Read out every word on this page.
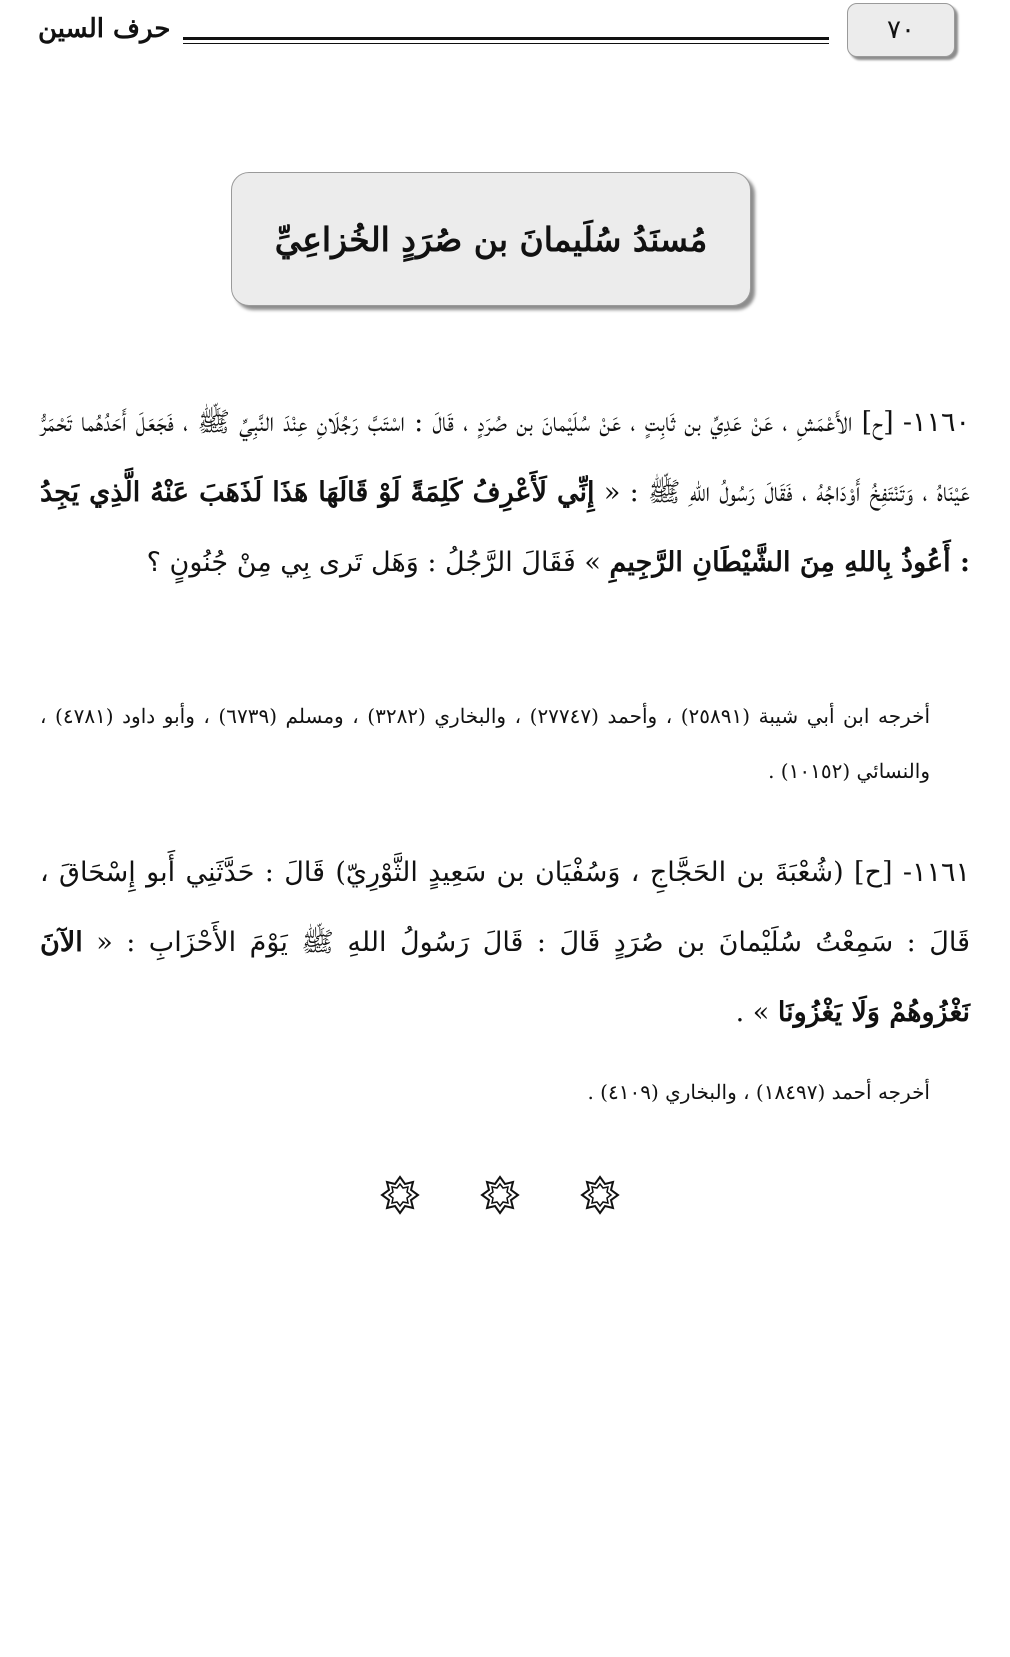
٧٠
حرف السين
مُسنَدُ سُلَيمانَ بن صُرَدٍ الخُزاعِيِّ
١١٦٠- [ح] الأَعْمَشِ ، عَنْ عَدِيِّ بن ثَابِتٍ ، عَنْ سُلَيْمانَ بن صُرَدٍ ، قَالَ : اسْتَبَّ رَجُلَانِ عِنْدَ النَّبِيِّ ﷺ ، فَجَعَلَ أَحَدُهُما تَحْمَرُّ عَيْنَاهُ ، وَتَنْتَفِخُ أَوْدَاجُهُ ، فَقَالَ رَسُولُ اللهِ ﷺ : « إِنِّي لَأَعْرِفُ كَلِمَةً لَوْ قَالَهَا هَذَا لَذَهَبَ عَنْهُ الَّذِي يَجِدُ : أَعُوذُ بِاللهِ مِنَ الشَّيْطَانِ الرَّجِيمِ » فَقَالَ الرَّجُلُ : وَهَل تَرى بِي مِنْ جُنُونٍ ؟
أخرجه ابن أبي شيبة (٢٥٨٩١) ، وأحمد (٢٧٧٤٧) ، والبخاري (٣٢٨٢) ، ومسلم (٦٧٣٩) ، وأبو داود (٤٧٨١) ، والنسائي (١٠١٥٢) .
١١٦١- [ح] (شُعْبَةَ بن الحَجَّاجِ ، وَسُفْيَان بن سَعِيدٍ الثَّوْرِيّ) قَالَ : حَدَّثَنِي أَبو إِسْحَاقَ ، قَالَ : سَمِعْتُ سُلَيْمانَ بن صُرَدٍ قَالَ : قَالَ رَسُولُ اللهِ ﷺ يَوْمَ الأَحْزَابِ : « الآنَ نَغْزُوهُمْ وَلَا يَغْزُونَا » .
أخرجه أحمد (١٨٤٩٧) ، والبخاري (٤١٠٩) .
